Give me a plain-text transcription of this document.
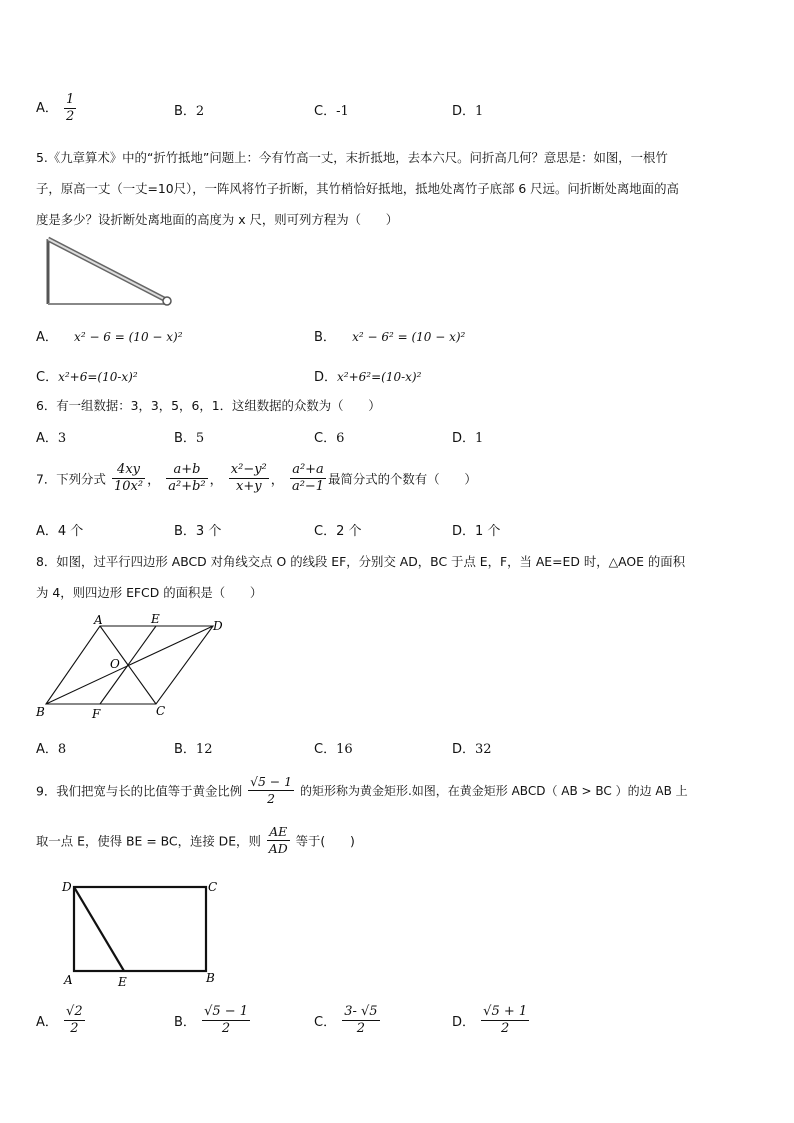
A． $\frac{1}{2}$	B．2	C．-1	D．1
5.《九章算术》中的“折竹抵地”问题上：今有竹高一丈，末折抵地，去本六尺。问折高几何？意思是：如图，一根竹
子，原高一丈（一丈=10尺），一阵风将竹子折断，其竹梢恰好抵地，抵地处离竹子底部 6 尺远。问折断处离地面的高
度是多少？设折断处离地面的高度为 x 尺，则可列方程为（　　）
A． x² − 6 = (10 − x)²	B． x² − 6² = (10 − x)²
C．x²+6=(10-x)²	D．x²+6²=(10-x)²
6．有一组数据：3，3，5，6，1．这组数据的众数为（　　）
A．3	B．5	C．6	D．1
7．下列分式 $\frac{4xy}{\text{10x²}}$ ， $\frac{a+b}{\text{a²+b²}}$ ， $\frac{\text{x²−y²}}{x+y}$ ， $\frac{\text{a²+a}}{\text{a²−1}}$ 最简分式的个数有（　　）
A．4 个	B．3 个	C．2 个	D．1 个
8．如图，过平行四边形 ABCD 对角线交点 O 的线段 EF，分别交 AD，BC 于点 E，F，当 AE=ED 时，△AOE 的面积
为 4，则四边形 EFCD 的面积是（　　）
A	E	D
O
B	F	C
A．8	B．12	C．16	D．32
9．我们把宽与长的比值等于黄金比例 $\frac{√5 - 1}{2}$ 的矩形称为黄金矩形.如图，在黄金矩形 ABCD（ AB > BC ）的边 AB 上
取一点 E，使得 BE = BC，连接 DE，则 $\frac{AE}{AD}$ 等于(　　)
D	C
A	E	B
A． $\frac{√2}{2}$	B． $\frac{√5 - 1}{2}$	C． $\frac{3- √5}{2}$	D． $\frac{√5 + 1}{2}$
